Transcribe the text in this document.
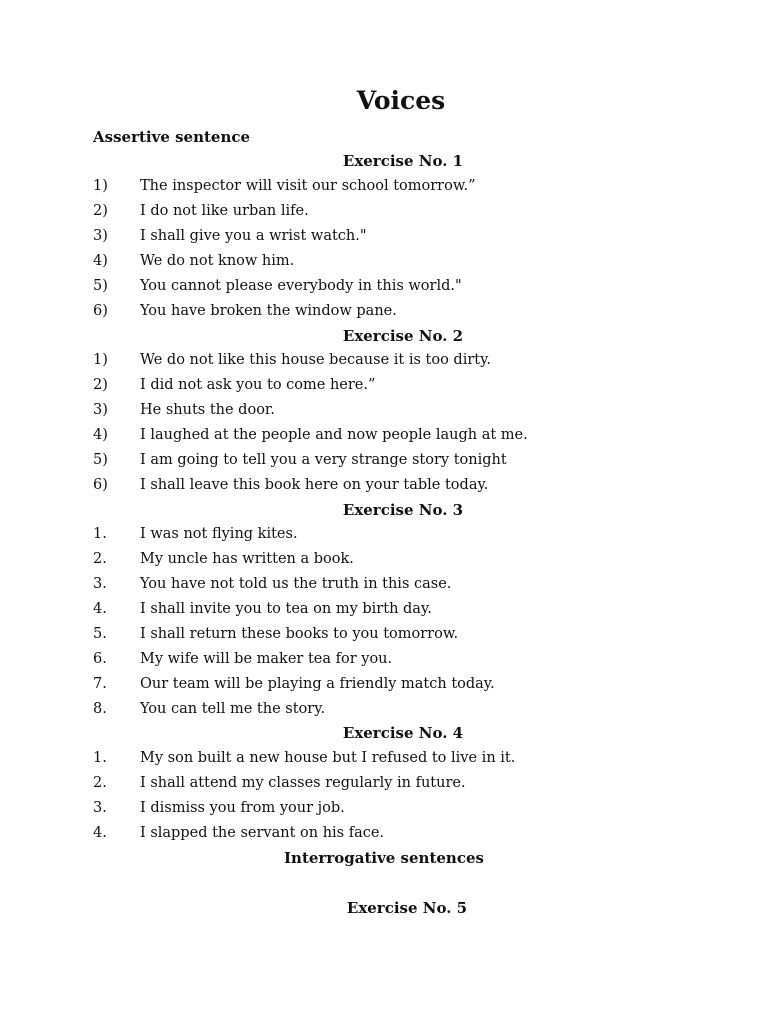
Voices
Assertive sentence
Exercise No. 1
1) The inspector will visit our school tomorrow.”
2) I do not like urban life.
3) I shall give you a wrist watch."
4) We do not know him.
5) You cannot please everybody in this world."
6) You have broken the window pane.
Exercise No. 2
1) We do not like this house because it is too dirty.
2) I did not ask you to come here.”
3) He shuts the door.
4) I laughed at the people and now people laugh at me.
5) I am going to tell you a very strange story tonight
6) I shall leave this book here on your table today.
Exercise No. 3
1. I was not flying kites.
2. My uncle has written a book.
3. You have not told us the truth in this case.
4. I shall invite you to tea on my birth day.
5. I shall return these books to you tomorrow.
6. My wife will be maker tea for you.
7. Our team will be playing a friendly match today.
8. You can tell me the story.
Exercise No. 4
1. My son built a new house but I refused to live in it.
2. I shall attend my classes regularly in future.
3. I dismiss you from your job.
4. I slapped the servant on his face.
Interrogative sentences
Exercise No. 5
